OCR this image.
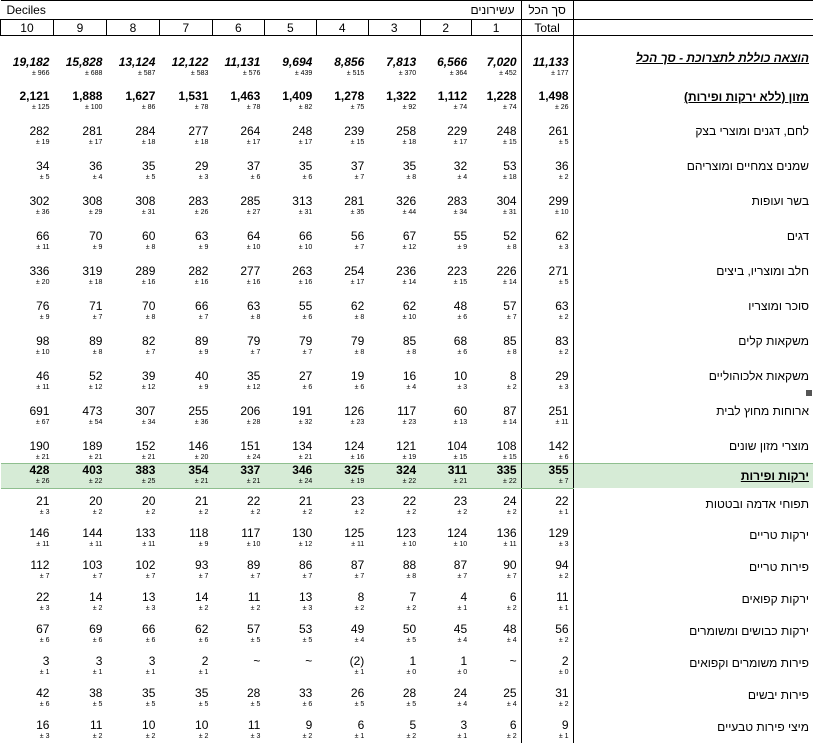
Deciles				עשירונים						סך הכל	
10	9	8	7	6	5	4	3	2	1	Total	
19,182	15,828	13,124	12,122	11,131	9,694	8,856	7,813	6,566	7,020	11,133	הוצאה כוללת לתצרוכת - סך הכל
± 966	± 688	± 587	± 583	± 576	± 439	± 515	± 370	± 364	± 452	± 177	
2,121	1,888	1,627	1,531	1,463	1,409	1,278	1,322	1,112	1,228	1,498	מזון (ללא ירקות ופירות)
± 125	± 100	± 86	± 78	± 78	± 82	± 75	± 92	± 74	± 74	± 26	
282	281	284	277	264	248	239	258	229	248	261	לחם, דגנים ומוצרי בצק
± 19	± 17	± 18	± 18	± 17	± 17	± 15	± 18	± 17	± 15	± 5	
34	36	35	29	37	35	37	35	32	53	36	שמנים צמחיים ומוצריהם
± 5	± 4	± 5	± 3	± 6	± 6	± 7	± 8	± 4	± 18	± 2	
302	308	308	283	285	313	281	326	283	304	299	בשר ועופות
± 36	± 29	± 31	± 26	± 27	± 31	± 35	± 44	± 34	± 31	± 10	
66	70	60	63	64	66	56	67	55	52	62	דגים
± 11	± 9	± 8	± 9	± 10	± 10	± 7	± 12	± 9	± 8	± 3	
336	319	289	282	277	263	254	236	223	226	271	חלב ומוצריו, ביצים
± 20	± 18	± 16	± 16	± 16	± 16	± 17	± 14	± 15	± 14	± 5	
76	71	70	66	63	55	62	62	48	57	63	סוכר ומוצריו
± 9	± 7	± 8	± 7	± 8	± 6	± 8	± 10	± 6	± 7	± 2	
98	89	82	89	79	79	79	85	68	85	83	משקאות קלים
± 10	± 8	± 7	± 9	± 7	± 7	± 8	± 8	± 6	± 8	± 2	
46	52	39	40	35	27	19	16	10	8	29	משקאות אלכוהוליים
± 11	± 12	± 12	± 9	± 12	± 6	± 6	± 4	± 3	± 2	± 3	
691	473	307	255	206	191	126	117	60	87	251	ארוחות מחוץ לבית
± 67	± 54	± 34	± 36	± 28	± 32	± 23	± 23	± 13	± 14	± 11	
190	189	152	146	151	134	124	121	104	108	142	מוצרי מזון שונים
± 21	± 21	± 21	± 20	± 24	± 21	± 16	± 19	± 15	± 15	± 6	
428	403	383	354	337	346	325	324	311	335	355	ירקות ופירות
± 26	± 22	± 25	± 21	± 21	± 24	± 19	± 22	± 21	± 22	± 7	
21	20	20	21	22	21	23	22	23	24	22	תפוחי אדמה ובטטות
± 3	± 2	± 2	± 2	± 2	± 2	± 2	± 2	± 2	± 2	± 1	
146	144	133	118	117	130	125	123	124	136	129	ירקות טריים
± 11	± 11	± 11	± 9	± 10	± 12	± 11	± 10	± 10	± 11	± 3	
112	103	102	93	89	86	87	88	87	90	94	פירות טריים
± 7	± 7	± 7	± 7	± 7	± 7	± 7	± 8	± 7	± 7	± 2	
22	14	13	14	11	13	8	7	4	6	11	ירקות קפואים
± 3	± 2	± 3	± 2	± 2	± 3	± 2	± 2	± 1	± 2	± 1	
67	69	66	62	57	53	49	50	45	48	56	ירקות כבושים ומשומרים
± 6	± 6	± 6	± 6	± 5	± 5	± 4	± 5	± 4	± 4	± 2	
3	3	3	2	~	~	(2)	1	1	~	2	פירות משומרים וקפואים
± 1	± 1	± 1	± 1			± 1	± 0	± 0		± 0	
42	38	35	35	28	33	26	28	24	25	31	פירות יבשים
± 6	± 5	± 5	± 5	± 5	± 6	± 5	± 5	± 4	± 4	± 2	
16	11	10	10	11	9	6	5	3	6	9	מיצי פירות טבעיים
± 3	± 2	± 2	± 2	± 3	± 2	± 1	± 2	± 1	± 2	± 1	
